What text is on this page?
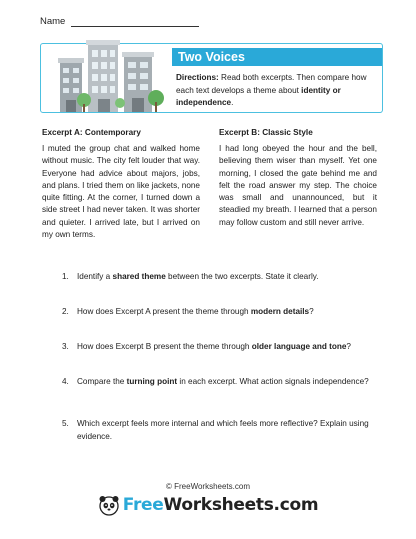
Name
Two Voices
Directions: Read both excerpts. Then compare how each text develops a theme about identity or independence.
Excerpt A: Contemporary
I muted the group chat and walked home without music. The city felt louder that way. Everyone had advice about majors, jobs, and plans. I tried them on like jackets, none quite fitting. At the corner, I turned down a side street I had never taken. It was shorter and quieter. I arrived late, but I arrived on my own terms.
Excerpt B: Classic Style
I had long obeyed the hour and the bell, believing them wiser than myself. Yet one morning, I closed the gate behind me and felt the road answer my step. The choice was small and unannounced, but it steadied my breath. I learned that a person may follow custom and still never arrive.
1. Identify a shared theme between the two excerpts. State it clearly.
2. How does Excerpt A present the theme through modern details?
3. How does Excerpt B present the theme through older language and tone?
4. Compare the turning point in each excerpt. What action signals independence?
5. Which excerpt feels more internal and which feels more reflective? Explain using evidence.
© FreeWorksheets.com
FreeWorksheets.com
